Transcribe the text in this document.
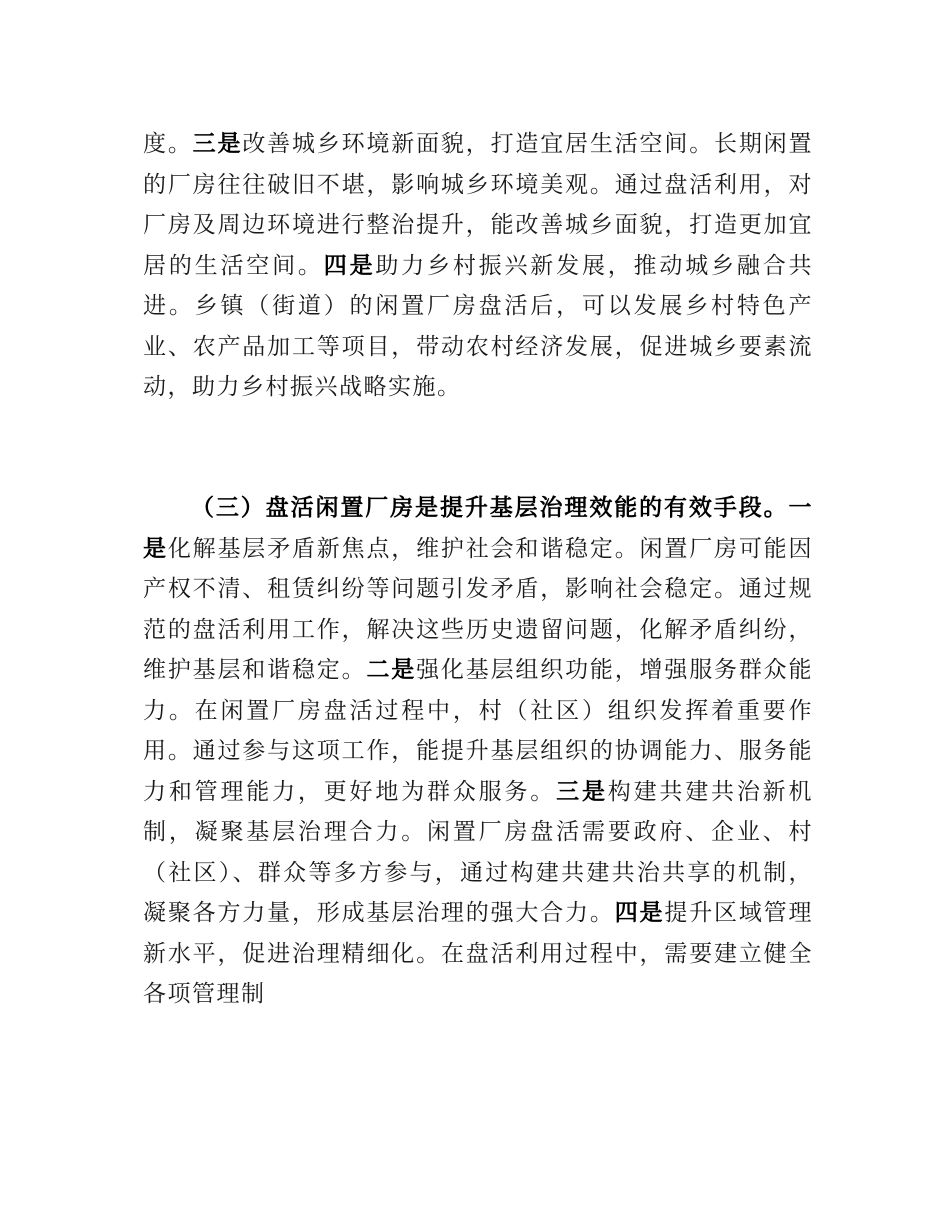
度。三是改善城乡环境新面貌，打造宜居生活空间。长期闲置的厂房往往破旧不堪，影响城乡环境美观。通过盘活利用，对厂房及周边环境进行整治提升，能改善城乡面貌，打造更加宜居的生活空间。四是助力乡村振兴新发展，推动城乡融合共进。乡镇（街道）的闲置厂房盘活后，可以发展乡村特色产业、农产品加工等项目，带动农村经济发展，促进城乡要素流动，助力乡村振兴战略实施。

（三）盘活闲置厂房是提升基层治理效能的有效手段。一是化解基层矛盾新焦点，维护社会和谐稳定。闲置厂房可能因产权不清、租赁纠纷等问题引发矛盾，影响社会稳定。通过规范的盘活利用工作，解决这些历史遗留问题，化解矛盾纠纷，维护基层和谐稳定。二是强化基层组织功能，增强服务群众能力。在闲置厂房盘活过程中，村（社区）组织发挥着重要作用。通过参与这项工作，能提升基层组织的协调能力、服务能力和管理能力，更好地为群众服务。三是构建共建共治新机制，凝聚基层治理合力。闲置厂房盘活需要政府、企业、村（社区）、群众等多方参与，通过构建共建共治共享的机制，凝聚各方力量，形成基层治理的强大合力。四是提升区域管理新水平，促进治理精细化。在盘活利用过程中，需要建立健全各项管理制
